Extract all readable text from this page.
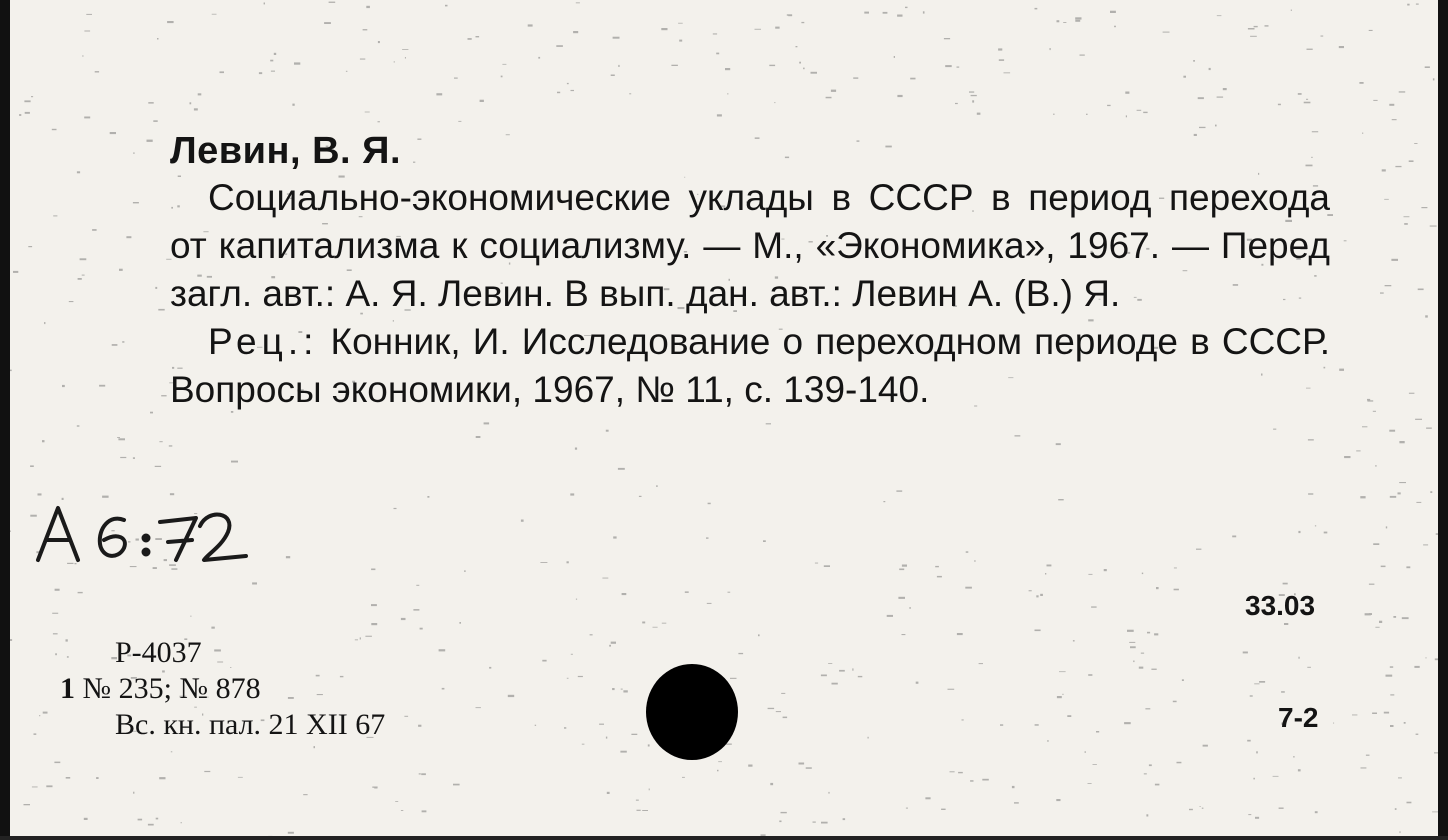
Левин, В. Я.

Социально-экономические уклады в СССР в период перехода от капитализма к социализму. — М., «Экономика», 1967. — Перед загл. авт.: А. Я. Левин. В вып. дан. авт.: Левин А. (В.) Я.

Рец.: Конник, И. Исследование о переходном периоде в СССР. Вопросы экономики, 1967, № 11, с. 139-140.

33.03
Р-4037
1 № 235; № 878
Вс. кн. пал. 21 XII 67	7-2
